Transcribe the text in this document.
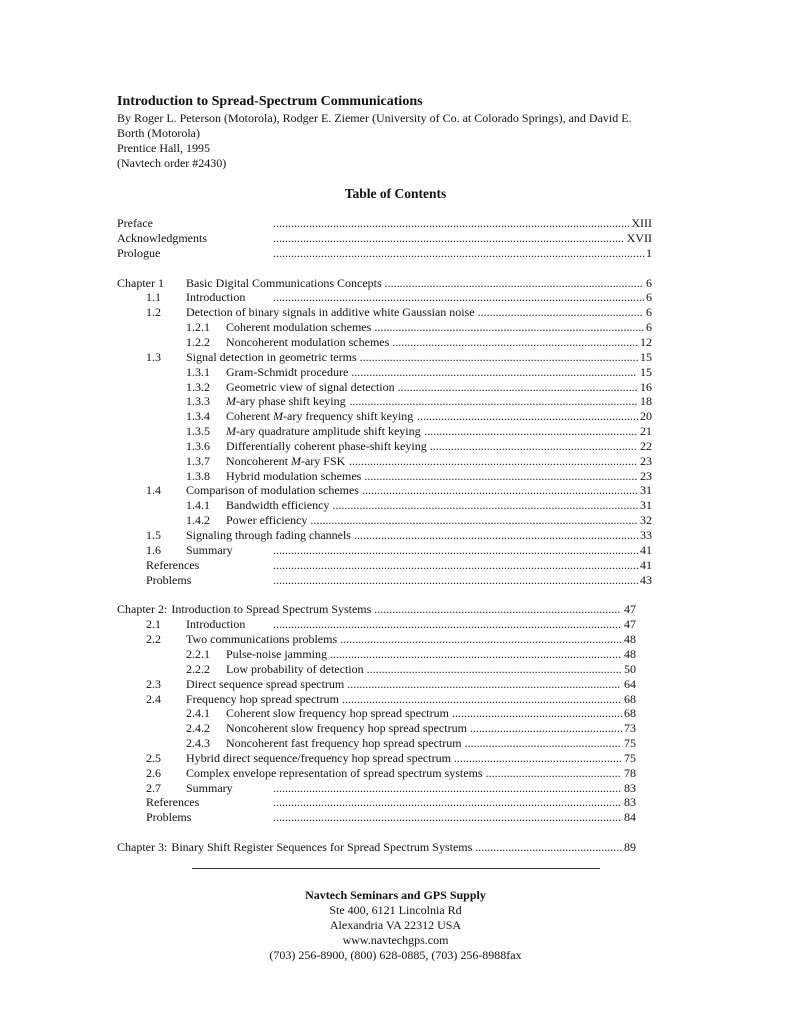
Introduction to Spread-Spectrum Communications
By Roger L. Peterson (Motorola), Rodger E. Ziemer (University of Co. at Colorado Springs), and David E.
Borth (Motorola)
Prentice Hall, 1995
(Navtech order #2430)
Table of Contents
Preface	....................................................................................................................... XIII
Acknowledgments	..................................................................................................................... XVII
Prologue	............................................................................................................................ 1
Chapter 1 Basic Digital Communications Concepts ...................................................................................... 6
1.1 Introduction ............................................................................................................................ 6
1.2 Detection of binary signals in additive white Gaussian noise ....................................................... 6
1.2.1 Coherent modulation schemes .......................................................................................... 6
1.2.2 Noncoherent modulation schemes .................................................................................. 12
1.3 Signal detection in geometric terms ............................................................................................. 15
1.3.1 Gram-Schmidt procedure ............................................................................................... 15
1.3.2 Geometric view of signal detection ................................................................................ 16
1.3.3 M-ary phase shift keying ................................................................................................ 18
1.3.4 Coherent M-ary frequency shift keying .......................................................................... 20
1.3.5 M-ary quadrature amplitude shift keying ....................................................................... 21
1.3.6 Differentially coherent phase-shift keying ..................................................................... 22
1.3.7 Noncoherent M-ary FSK ................................................................................................ 23
1.3.8 Hybrid modulation schemes ........................................................................................... 23
1.4 Comparison of modulation schemes ............................................................................................ 31
1.4.1 Bandwidth efficiency ...................................................................................................... 31
1.4.2 Power efficiency ............................................................................................................. 32
1.5 Signaling through fading channels ............................................................................................... 33
1.6 Summary	.......................................................................................................................... 41
References	.......................................................................................................................... 41
Problems	.......................................................................................................................... 43
Chapter 2: Introduction to Spread Spectrum Systems .................................................................................. 47
2.1 Introduction .................................................................................................................... 47
2.2 Two communications problems .............................................................................................. 48
2.2.1 Pulse-noise jamming ................................................................................................. 48
2.2.2 Low probability of detection ..................................................................................... 50
2.3 Direct sequence spread spectrum ........................................................................................... 64
2.4 Frequency hop spread spectrum ............................................................................................. 68
2.4.1 Coherent slow frequency hop spread spectrum ......................................................... 68
2.4.2 Noncoherent slow frequency hop spread spectrum ................................................... 73
2.4.3 Noncoherent fast frequency hop spread spectrum .................................................... 75
2.5 Hybrid direct sequence/frequency hop spread spectrum ........................................................ 75
2.6 Complex envelope representation of spread spectrum systems ............................................. 78
2.7 Summary	.................................................................................................................... 83
References	.................................................................................................................... 83
Problems	.................................................................................................................... 84
Chapter 3: Binary Shift Register Sequences for Spread Spectrum Systems ................................................. 89
Navtech Seminars and GPS Supply
Ste 400, 6121 Lincolnia Rd
Alexandria VA 22312 USA
www.navtechgps.com
(703) 256-8900, (800) 628-0885, (703) 256-8988fax
